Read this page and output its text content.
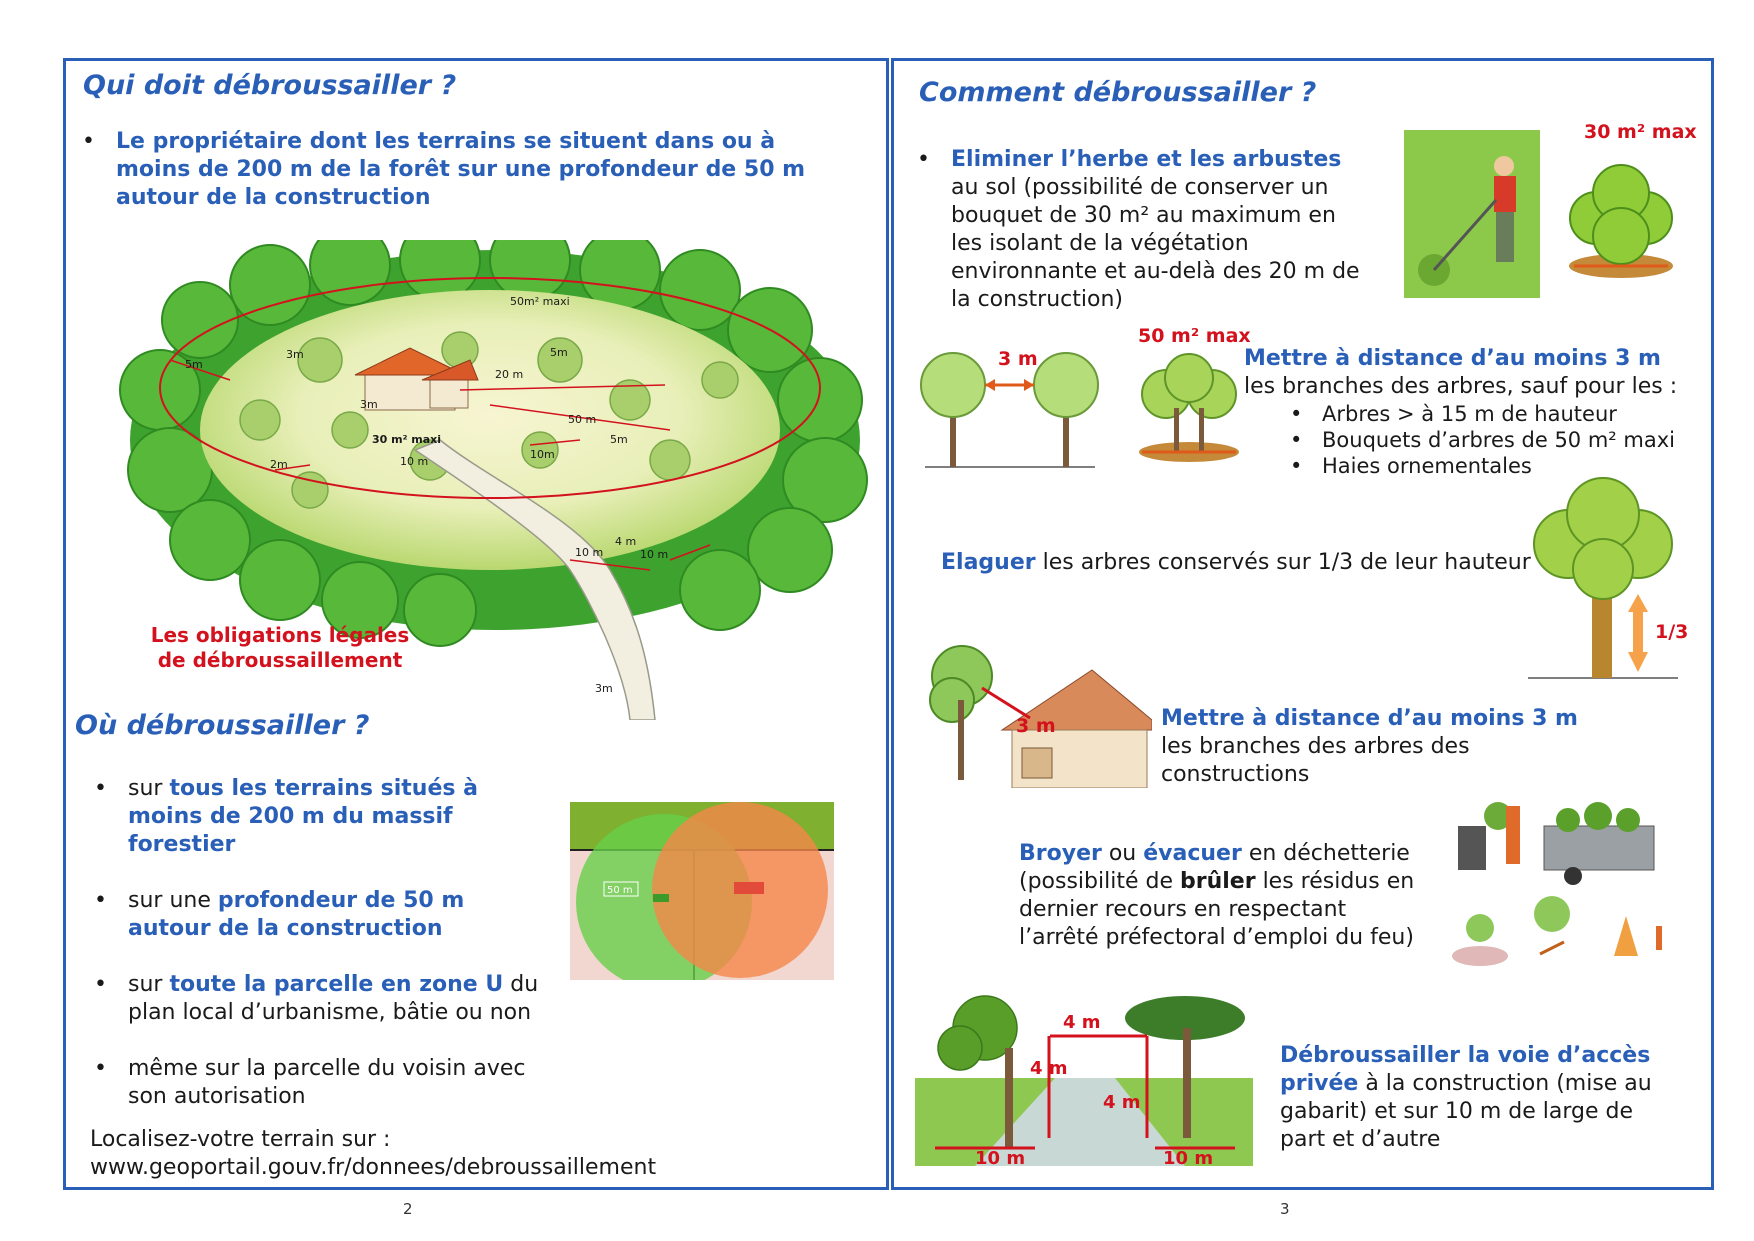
Qui doit débroussailler ?
• Le propriétaire dont les terrains se situent dans ou à moins de 200 m de la forêt sur une profondeur de 50 m autour de la construction
50m² maxi
3m	5m
5m
3m
20 m
50 m
5m
10m
30 m² maxi
10 m
2m
10 m
4 m
10 m
3m
Les obligations légales
de débroussaillement
Où débroussailler ?
• sur tous les terrains situés à moins de 200 m du massif forestier
• sur une profondeur de 50 m autour de la construction
• sur toute la parcelle en zone U du plan local d’urbanisme, bâtie ou non
• même sur la parcelle du voisin avec son autorisation
50 m

Localisez-votre terrain sur :

www.geoportail.gouv.fr/donnees/debroussaillement

2
Comment débroussailler ?
• Eliminer l’herbe et les arbustes au sol (possibilité de conserver un bouquet de 30 m² au maximum en les isolant de la végétation environnante et au-delà des 20 m de la construction)
30 m² max
3 m
50 m² max
Mettre à distance d’au moins 3 m les branches des arbres, sauf pour les :
• Arbres > à 15 m de hauteur
• Bouquets d’arbres de 50 m² maxi
• Haies ornementales

Elaguer les arbres conservés sur 1/3 de leur hauteur

1/3
3 m	Mettre à distance d’au moins 3 m les branches des arbres des constructions

Broyer ou évacuer en déchetterie (possibilité de brûler les résidus en dernier recours en respectant l’arrêté préfectoral d’emploi du feu)

4 m
4 m
4 m
10 m	10 m

Débroussailler la voie d’accès privée à la construction (mise au gabarit) et sur 10 m de large de part et d’autre

3
